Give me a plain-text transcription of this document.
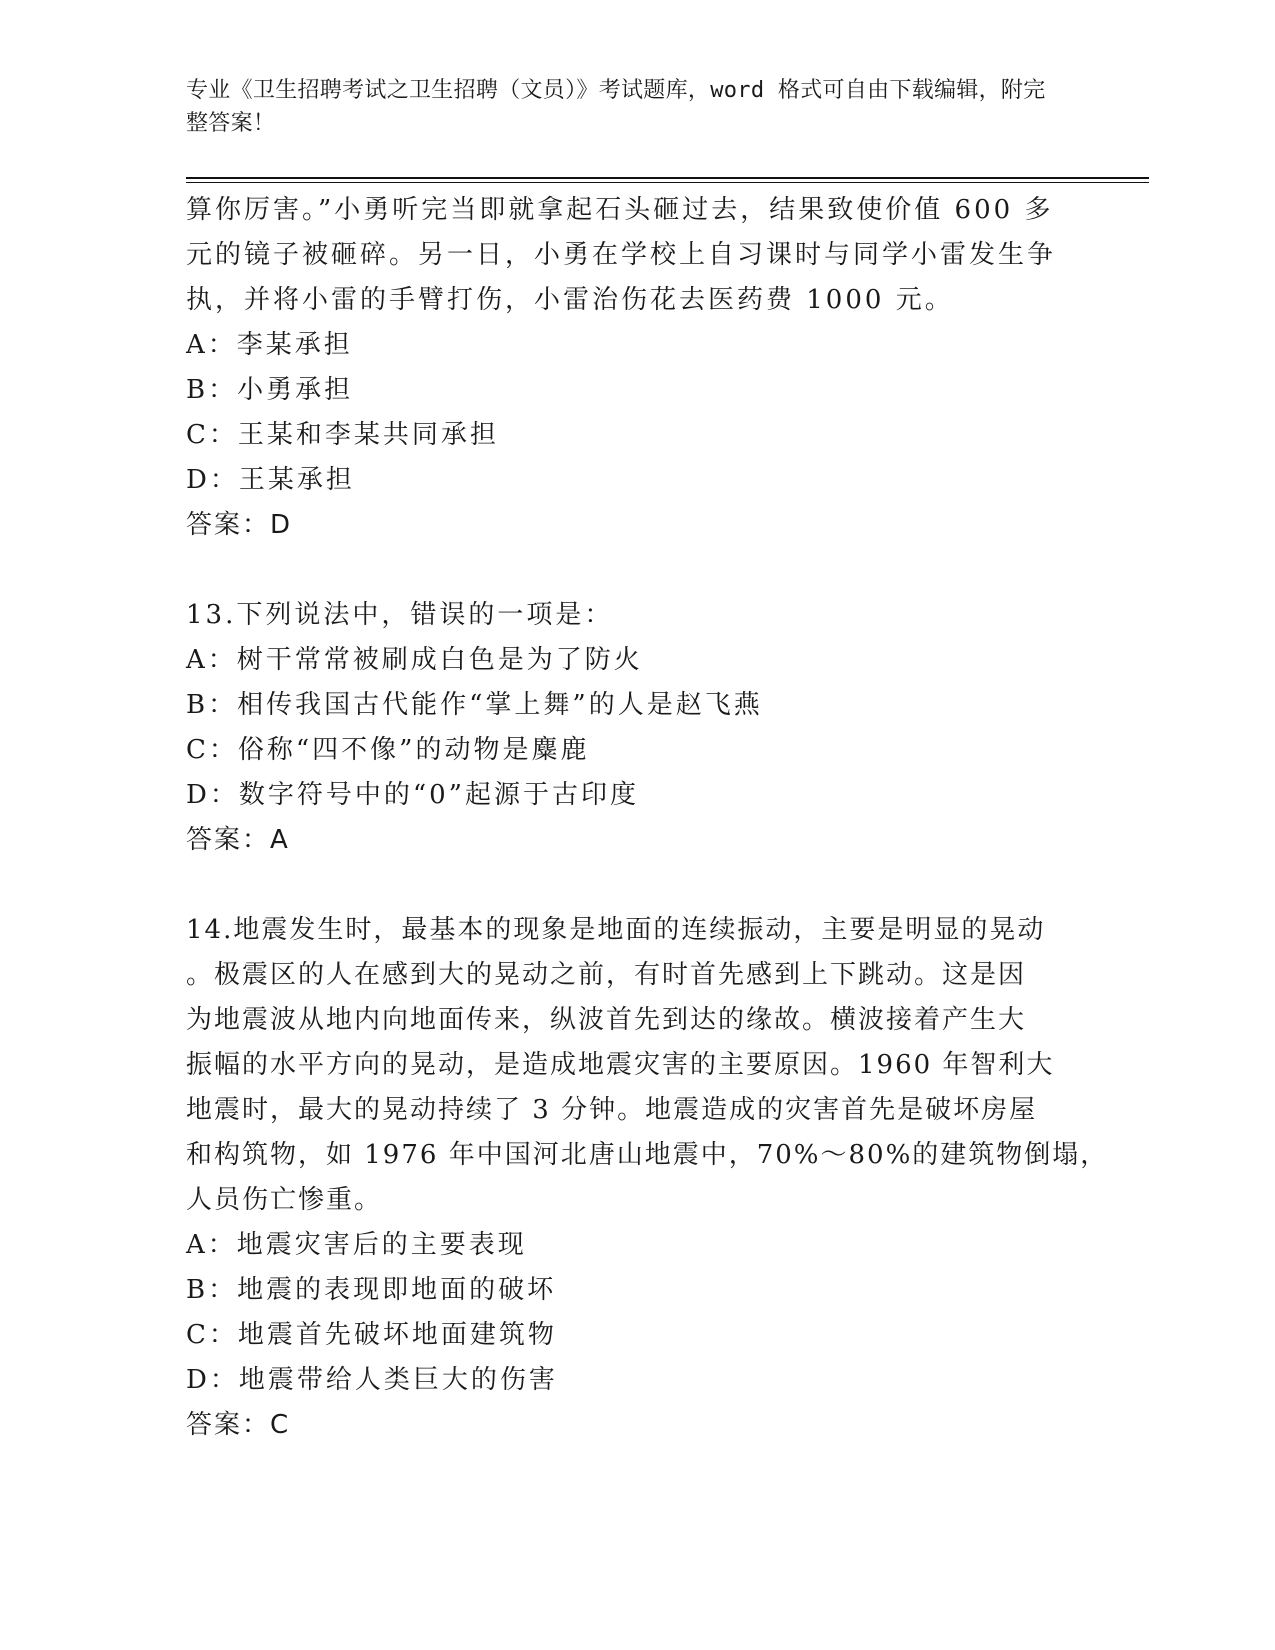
专业《卫生招聘考试之卫生招聘（文员）》考试题库，word 格式可自由下载编辑，附完整答案！
算你厉害。”小勇听完当即就拿起石头砸过去，结果致使价值 600 多
元的镜子被砸碎。另一日，小勇在学校上自习课时与同学小雷发生争
执，并将小雷的手臂打伤，小雷治伤花去医药费 1000 元。
A：李某承担
B：小勇承担
C：王某和李某共同承担
D：王某承担
答案：D
13.下列说法中，错误的一项是：
A：树干常常被刷成白色是为了防火
B：相传我国古代能作“掌上舞”的人是赵飞燕
C：俗称“四不像”的动物是麋鹿
D：数字符号中的“0”起源于古印度
答案：A
14.地震发生时，最基本的现象是地面的连续振动，主要是明显的晃动
。极震区的人在感到大的晃动之前，有时首先感到上下跳动。这是因
为地震波从地内向地面传来，纵波首先到达的缘故。横波接着产生大
振幅的水平方向的晃动，是造成地震灾害的主要原因。1960 年智利大
地震时，最大的晃动持续了 3 分钟。地震造成的灾害首先是破坏房屋
和构筑物，如 1976 年中国河北唐山地震中，70%～80%的建筑物倒塌，
人员伤亡惨重。
A：地震灾害后的主要表现
B：地震的表现即地面的破坏
C：地震首先破坏地面建筑物
D：地震带给人类巨大的伤害
答案：C
